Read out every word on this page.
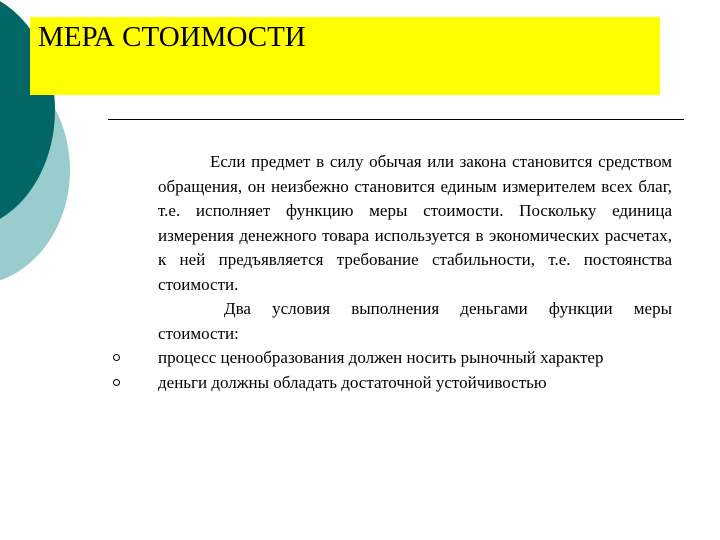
МЕРА СТОИМОСТИ

Если предмет в силу обычая или закона становится средством обращения, он неизбежно становится единым измерителем всех благ, т.е. исполняет функцию меры стоимости. Поскольку единица измерения денежного товара используется в экономических расчетах, к ней предъявляется требование стабильности, т.е. постоянства стоимости.

Два условия выполнения деньгами функции меры стоимости:

процесс ценообразования должен носить рыночный характер
деньги должны обладать достаточной устойчивостью
